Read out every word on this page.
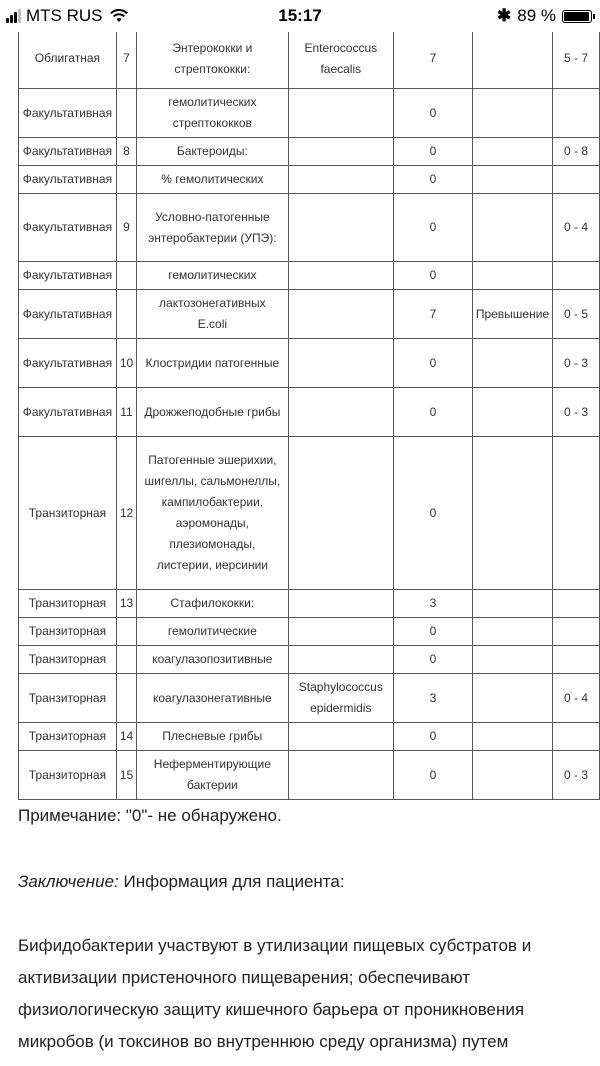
MTS RUS	15:17	✱ 89 %
Облигатная	7	Энтерококки и стрептококки:	Enterococcus faecalis	7		5 - 7
Факультативная		гемолитических стрептококков		0		
Факультативная	8	Бактероиды:		0		0 - 8
Факультативная		% гемолитических		0		
Факультативная	9	Условно-патогенные энтеробактерии (УПЭ):		0		0 - 4
Факультативная		гемолитических		0		
Факультативная		лактозонегативных E.coli		7	Превышение	0 - 5
Факультативная	10	Клостридии патогенные		0		0 - 3
Факультативная	11	Дрожжеподобные грибы		0		0 - 3
Транзиторная	12	Патогенные эшерихии, шигеллы, сальмонеллы, кампилобактерии, аэромонады, плезиомонады, листерии, иерсинии		0		
Транзиторная	13	Стафилококки:		3		
Транзиторная		гемолитические		0		
Транзиторная		коагулазопозитивные		0		
Транзиторная		коагулазонегативные	Staphylococcus epidermidis	3		0 - 4
Транзиторная	14	Плесневые грибы		0		
Транзиторная	15	Неферментирующие бактерии		0		0 - 3
Примечание: "0"- не обнаружено.
Заключение: Информация для пациента:
Бифидобактерии участвуют в утилизации пищевых субстратов и активизации пристеночного пищеварения; обеспечивают физиологическую защиту кишечного барьера от проникновения микробов (и токсинов во внутреннюю среду организма) путем
